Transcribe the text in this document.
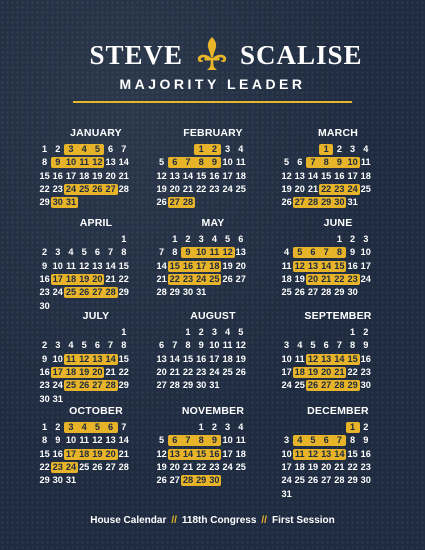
STEVE SCALISE
MAJORITY LEADER
JANUARY
1 2 3 4 5 6 7
8 9 10 11 12 13 14
15 16 17 18 19 20 21
22 23 24 25 26 27 28
29 30 31
FEBRUARY
1 2 3 4
5 6 7 8 9 10 11
12 13 14 15 16 17 18
19 20 21 22 23 24 25
26 27 28
MARCH
1 2 3 4
5 6 7 8 9 10 11
12 13 14 15 16 17 18
19 20 21 22 23 24 25
26 27 28 29 30 31
APRIL
1
2 3 4 5 6 7 8
9 10 11 12 13 14 15
16 17 18 19 20 21 22
23 24 25 26 27 28 29
30
MAY
1 2 3 4 5 6
7 8 9 10 11 12 13
14 15 16 17 18 19 20
21 22 23 24 25 26 27
28 29 30 31
JUNE
1 2 3
4 5 6 7 8 9 10
11 12 13 14 15 16 17
18 19 20 21 22 23 24
25 26 27 28 29 30
JULY
1
2 3 4 5 6 7 8
9 10 11 12 13 14 15
16 17 18 19 20 21 22
23 24 25 26 27 28 29
30 31
AUGUST
1 2 3 4 5
6 7 8 9 10 11 12
13 14 15 16 17 18 19
20 21 22 23 24 25 26
27 28 29 30 31
SEPTEMBER
1 2
3 4 5 6 7 8 9
10 11 12 13 14 15 16
17 18 19 20 21 22 23
24 25 26 27 28 29 30
OCTOBER
1 2 3 4 5 6 7
8 9 10 11 12 13 14
15 16 17 18 19 20 21
22 23 24 25 26 27 28
29 30 31
NOVEMBER
1 2 3 4
5 6 7 8 9 10 11
12 13 14 15 16 17 18
19 20 21 22 23 24 25
26 27 28 29 30
DECEMBER
1 2
3 4 5 6 7 8 9
10 11 12 13 14 15 16
17 18 19 20 21 22 23
24 25 26 27 28 29 30
31
House Calendar // 118th Congress // First Session
